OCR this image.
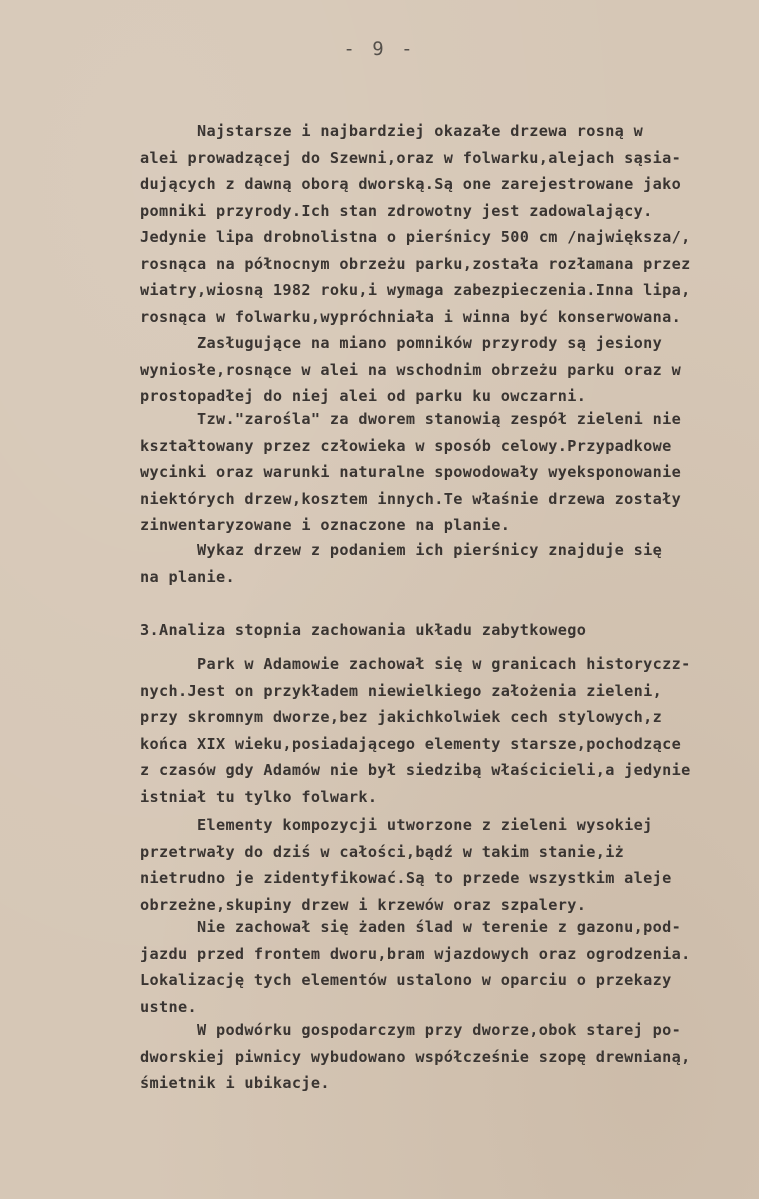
- 9 -
Najstarsze i najbardziej okazałe drzewa rosną w
alei prowadzącej do Szewni,oraz w folwarku,alejach sąsia-
dujących z dawną oborą dworską.Są one zarejestrowane jako
pomniki przyrody.Ich stan zdrowotny jest zadowalający.
Jedynie lipa drobnolistna o pierśnicy 500 cm /największa/,
rosnąca na północnym obrzeżu parku,została rozłamana przez
wiatry,wiosną 1982 roku,i wymaga zabezpieczenia.Inna lipa,
rosnąca w folwarku,wypróchniała i winna być konserwowana.
Zasługujące na miano pomników przyrody są jesiony
wyniosłe,rosnące w alei na wschodnim obrzeżu parku oraz w
prostopadłej do niej alei od parku ku owczarni.
Tzw."zarośla" za dworem stanowią zespół zieleni nie
kształtowany przez człowieka w sposób celowy.Przypadkowe
wycinki oraz warunki naturalne spowodowały wyeksponowanie
niektórych drzew,kosztem innych.Te właśnie drzewa zostały
zinwentaryzowane i oznaczone na planie.
Wykaz drzew z podaniem ich pierśnicy znajduje się
na planie.
3.Analiza stopnia zachowania układu zabytkowego
Park w Adamowie zachował się w granicach historyczz-
nych.Jest on przykładem niewielkiego założenia zieleni,
przy skromnym dworze,bez jakichkolwiek cech stylowych,z
końca XIX wieku,posiadającego elementy starsze,pochodzące
z czasów gdy Adamów nie był siedzibą właścicieli,a jedynie
istniał tu tylko folwark.
Elementy kompozycji utworzone z zieleni wysokiej
przetrwały do dziś w całości,bądź w takim stanie,iż
nietrudno je zidentyfikować.Są to przede wszystkim aleje
obrzeżne,skupiny drzew i krzewów oraz szpalery.
Nie zachował się żaden ślad w terenie z gazonu,pod-
jazdu przed frontem dworu,bram wjazdowych oraz ogrodzenia.
Lokalizację tych elementów ustalono w oparciu o przekazy
ustne.
W podwórku gospodarczym przy dworze,obok starej po-
dworskiej piwnicy wybudowano współcześnie szopę drewnianą,
śmietnik i ubikacje.
